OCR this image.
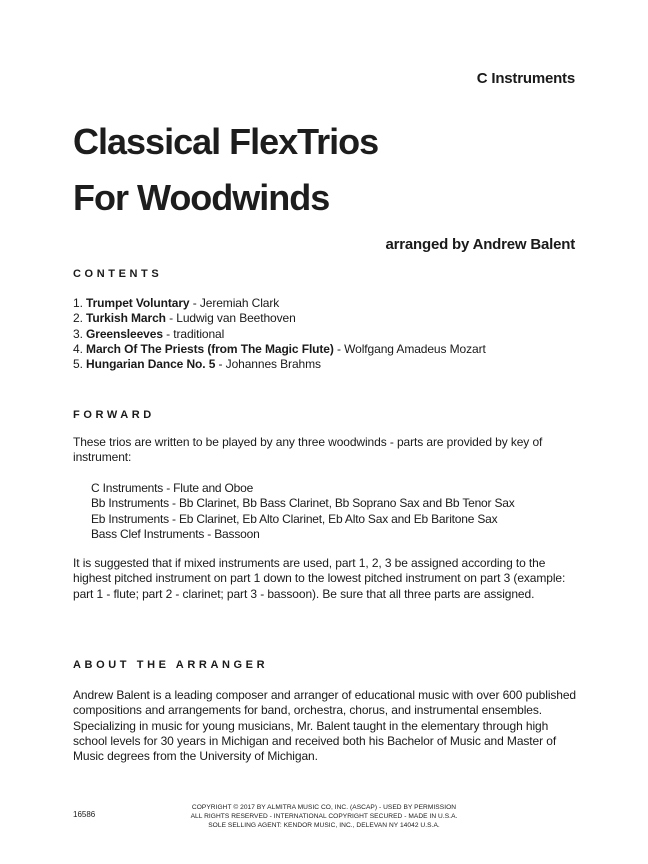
C Instruments
Classical FlexTrios
For Woodwinds
arranged by Andrew Balent
CONTENTS
1. Trumpet Voluntary - Jeremiah Clark
2. Turkish March - Ludwig van Beethoven
3. Greensleeves - traditional
4. March Of The Priests (from The Magic Flute) - Wolfgang Amadeus Mozart
5. Hungarian Dance No. 5 - Johannes Brahms
FORWARD

These trios are written to be played by any three woodwinds - parts are provided by key of instrument:

C Instruments - Flute and Oboe
Bb Instruments - Bb Clarinet, Bb Bass Clarinet, Bb Soprano Sax and Bb Tenor Sax
Eb Instruments - Eb Clarinet, Eb Alto Clarinet, Eb Alto Sax and Eb Baritone Sax
Bass Clef Instruments - Bassoon

It is suggested that if mixed instruments are used, part 1, 2, 3 be assigned according to the highest pitched instrument on part 1 down to the lowest pitched instrument on part 3 (example: part 1 - flute; part 2 - clarinet; part 3 - bassoon). Be sure that all three parts are assigned.

ABOUT THE ARRANGER

Andrew Balent is a leading composer and arranger of educational music with over 600 published compositions and arrangements for band, orchestra, chorus, and instrumental ensembles. Specializing in music for young musicians, Mr. Balent taught in the elementary through high school levels for 30 years in Michigan and received both his Bachelor of Music and Master of Music degrees from the University of Michigan.

16586
COPYRIGHT © 2017 BY ALMITRA MUSIC CO, INC. (ASCAP) - USED BY PERMISSION
ALL RIGHTS RESERVED - INTERNATIONAL COPYRIGHT SECURED - MADE IN U.S.A.
SOLE SELLING AGENT: KENDOR MUSIC, INC., DELEVAN NY 14042 U.S.A.
